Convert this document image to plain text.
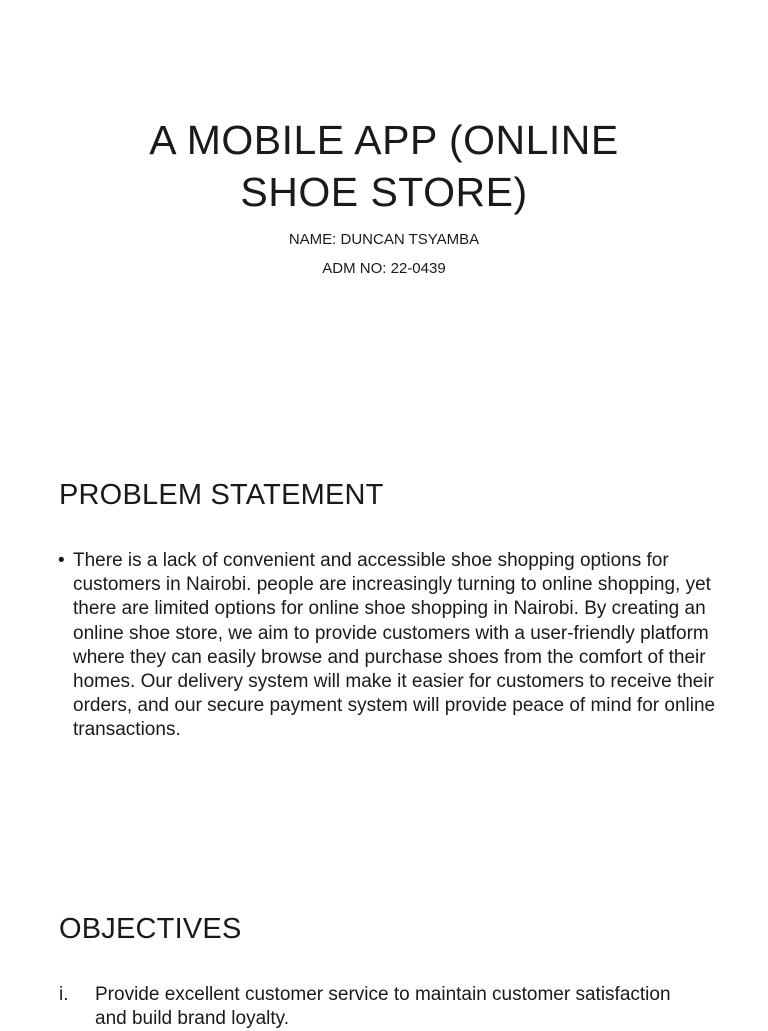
A MOBILE APP (ONLINE
SHOE STORE)

NAME: DUNCAN TSYAMBA

ADM NO: 22-0439

PROBLEM STATEMENT
• There is a lack of convenient and accessible shoe shopping options for customers in Nairobi. people are increasingly turning to online shopping, yet there are limited options for online shoe shopping in Nairobi. By creating an online shoe store, we aim to provide customers with a user-friendly platform where they can easily browse and purchase shoes from the comfort of their homes. Our delivery system will make it easier for customers to receive their orders, and our secure payment system will provide peace of mind for online transactions.
OBJECTIVES
i.	Provide excellent customer service to maintain customer satisfaction and build brand loyalty.
